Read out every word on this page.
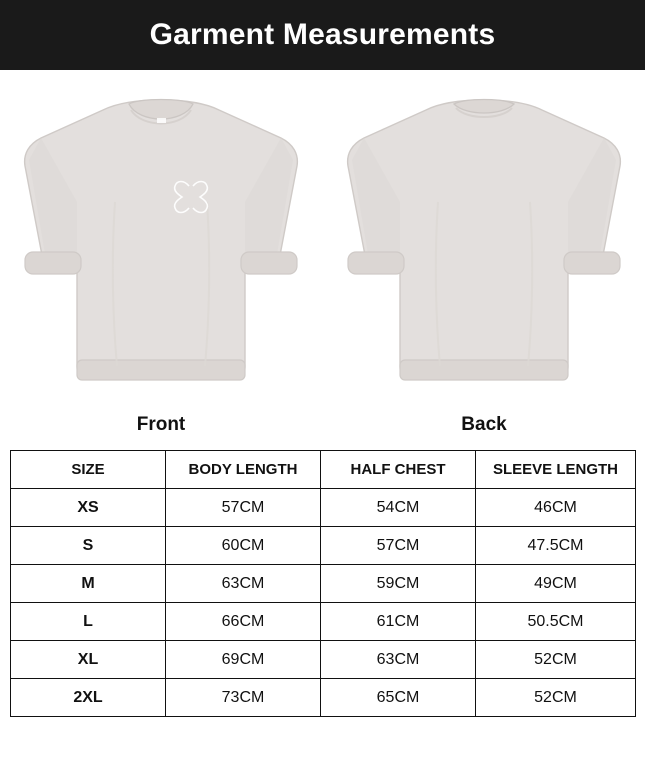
Garment Measurements
Front	Back
SIZE	BODY LENGTH	HALF CHEST	SLEEVE LENGTH
XS	57CM	54CM	46CM
S	60CM	57CM	47.5CM
M	63CM	59CM	49CM
L	66CM	61CM	50.5CM
XL	69CM	63CM	52CM
2XL	73CM	65CM	52CM
